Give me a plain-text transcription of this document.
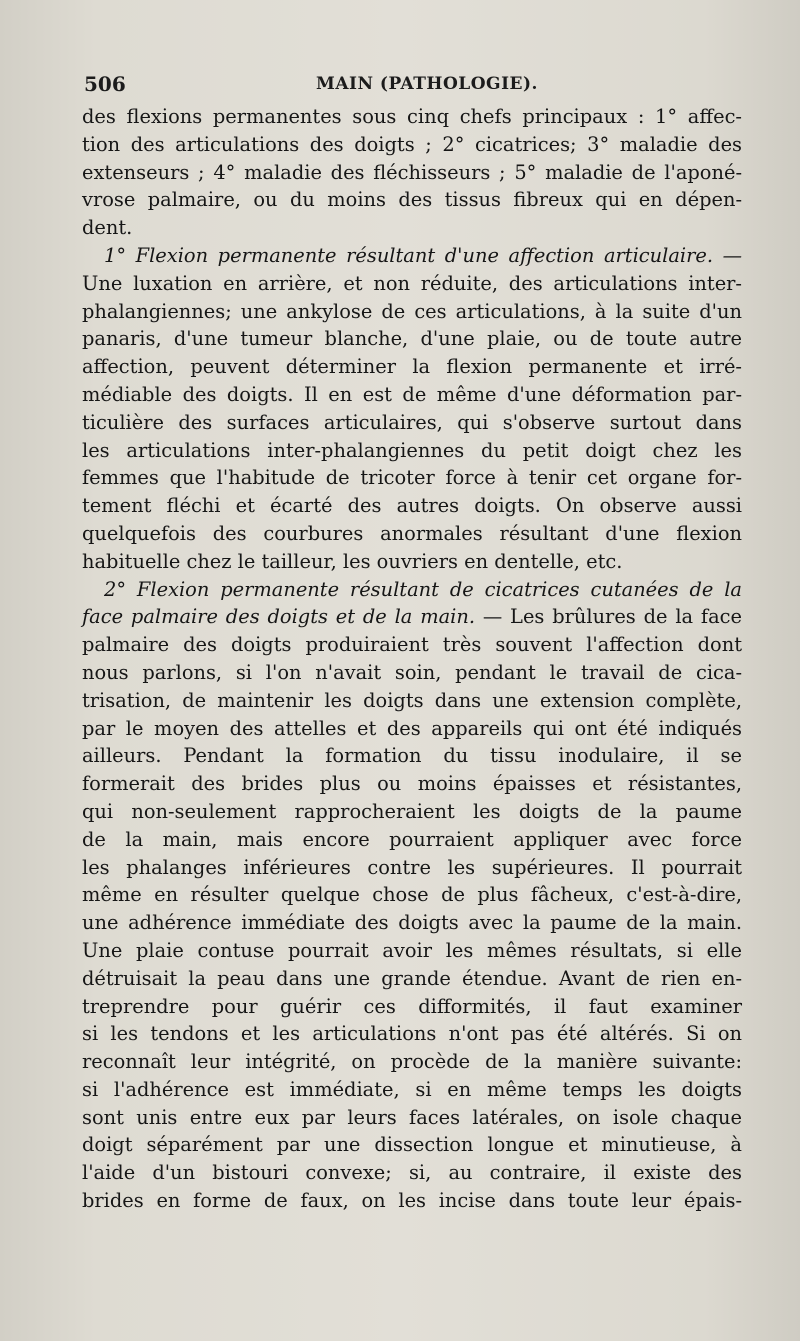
506	MAIN (PATHOLOGIE).
des flexions permanentes sous cinq chefs principaux : 1° affec-
tion des articulations des doigts ; 2° cicatrices; 3° maladie des
extenseurs ; 4° maladie des fléchisseurs ; 5° maladie de l'aponé-
vrose palmaire, ou du moins des tissus fibreux qui en dépen-
dent.
1° Flexion permanente résultant d'une affection articulaire. —
Une luxation en arrière, et non réduite, des articulations inter-
phalangiennes; une ankylose de ces articulations, à la suite d'un
panaris, d'une tumeur blanche, d'une plaie, ou de toute autre
affection, peuvent déterminer la flexion permanente et irré-
médiable des doigts. Il en est de même d'une déformation par-
ticulière des surfaces articulaires, qui s'observe surtout dans
les articulations inter-phalangiennes du petit doigt chez les
femmes que l'habitude de tricoter force à tenir cet organe for-
tement fléchi et écarté des autres doigts. On observe aussi
quelquefois des courbures anormales résultant d'une flexion
habituelle chez le tailleur, les ouvriers en dentelle, etc.
2° Flexion permanente résultant de cicatrices cutanées de la
face palmaire des doigts et de la main. — Les brûlures de la face
palmaire des doigts produiraient très souvent l'affection dont
nous parlons, si l'on n'avait soin, pendant le travail de cica-
trisation, de maintenir les doigts dans une extension complète,
par le moyen des attelles et des appareils qui ont été indiqués
ailleurs. Pendant la formation du tissu inodulaire, il se
formerait des brides plus ou moins épaisses et résistantes,
qui non-seulement rapprocheraient les doigts de la paume
de la main, mais encore pourraient appliquer avec force
les phalanges inférieures contre les supérieures. Il pourrait
même en résulter quelque chose de plus fâcheux, c'est-à-dire,
une adhérence immédiate des doigts avec la paume de la main.
Une plaie contuse pourrait avoir les mêmes résultats, si elle
détruisait la peau dans une grande étendue. Avant de rien en-
treprendre pour guérir ces difformités, il faut examiner
si les tendons et les articulations n'ont pas été altérés. Si on
reconnaît leur intégrité, on procède de la manière suivante:
si l'adhérence est immédiate, si en même temps les doigts
sont unis entre eux par leurs faces latérales, on isole chaque
doigt séparément par une dissection longue et minutieuse, à
l'aide d'un bistouri convexe; si, au contraire, il existe des
brides en forme de faux, on les incise dans toute leur épais-
